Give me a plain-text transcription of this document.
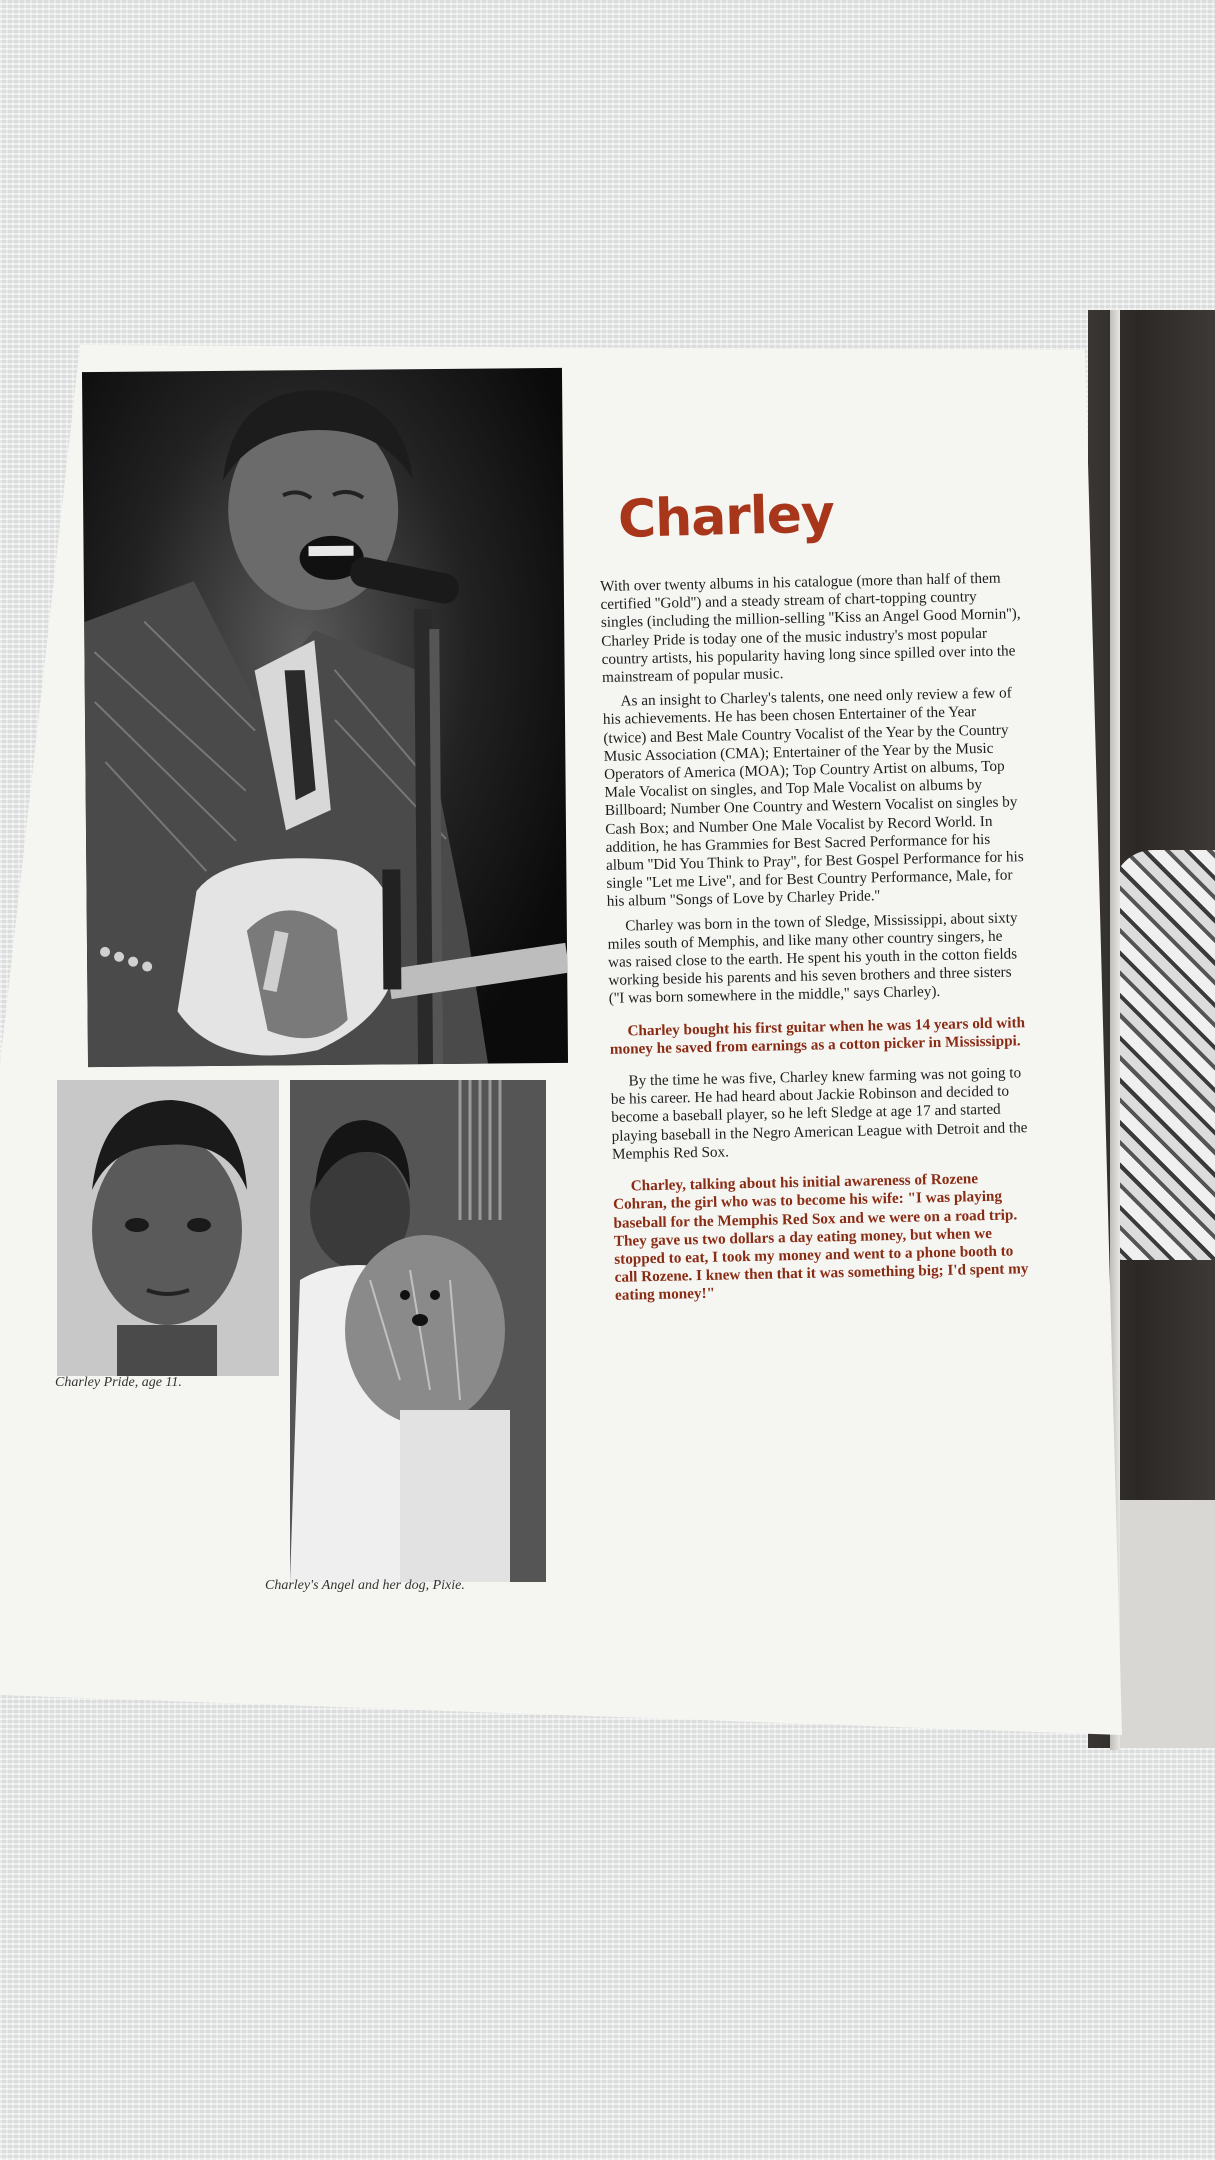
Charley Pride, age 11.
Charley's Angel and her dog, Pixie.
Charley

With over twenty albums in his catalogue (more than half of them certified ''Gold'') and a steady stream of chart-topping country singles (including the million-selling ''Kiss an Angel Good Mornin''), Charley Pride is today one of the music industry's most popular country artists, his popularity having long since spilled over into the mainstream of popular music.

As an insight to Charley's talents, one need only review a few of his achievements. He has been chosen Entertainer of the Year (twice) and Best Male Country Vocalist of the Year by the Country Music Association (CMA); Entertainer of the Year by the Music Operators of America (MOA); Top Country Artist on albums, Top Male Vocalist on singles, and Top Male Vocalist on albums by Billboard; Number One Country and Western Vocalist on singles by Cash Box; and Number One Male Vocalist by Record World. In addition, he has Grammies for Best Sacred Performance for his album ''Did You Think to Pray'', for Best Gospel Performance for his single ''Let me Live'', and for Best Country Performance, Male, for his album ''Songs of Love by Charley Pride.''

Charley was born in the town of Sledge, Mississippi, about sixty miles south of Memphis, and like many other country singers, he was raised close to the earth. He spent his youth in the cotton fields working beside his parents and his seven brothers and three sisters (''I was born somewhere in the middle,'' says Charley).

Charley bought his first guitar when he was 14 years old with money he saved from earnings as a cotton picker in Mississippi.

By the time he was five, Charley knew farming was not going to be his career. He had heard about Jackie Robinson and decided to become a baseball player, so he left Sledge at age 17 and started playing baseball in the Negro American League with Detroit and the Memphis Red Sox.

Charley, talking about his initial awareness of Rozene Cohran, the girl who was to become his wife: "I was playing baseball for the Memphis Red Sox and we were on a road trip. They gave us two dollars a day eating money, but when we stopped to eat, I took my money and went to a phone booth to call Rozene. I knew then that it was something big; I'd spent my eating money!"
